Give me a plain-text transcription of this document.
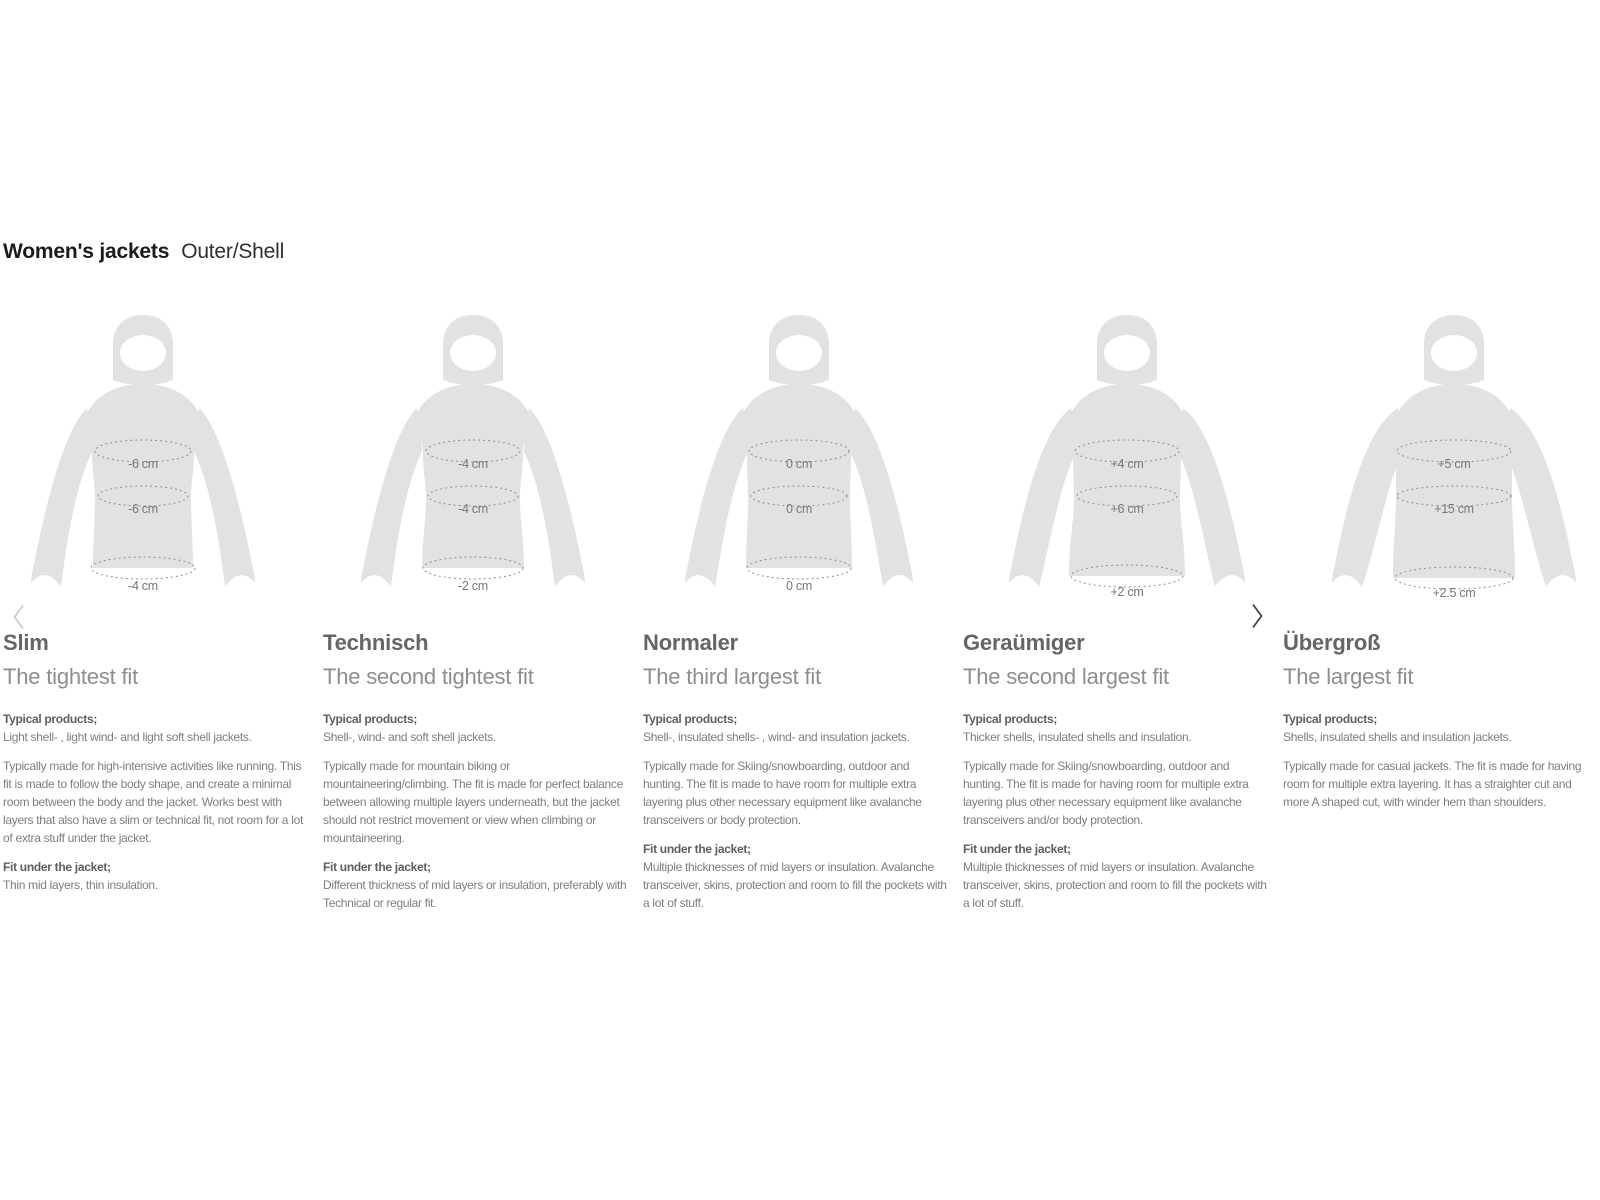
Women's jackets Outer/Shell
-6 cm
-6 cm
-4 cm
Slim
The tightest fit
Typical products;
Light shell- , light wind- and light soft shell jackets.

Typically made for high-intensive activities like running. This fit is made to follow the body shape, and create a minimal room between the body and the jacket. Works best with layers that also have a slim or technical fit, not room for a lot of extra stuff under the jacket.

Fit under the jacket;
Thin mid layers, thin insulation.
-4 cm
-4 cm
-2 cm
Technisch
The second tightest fit
Typical products;
Shell-, wind- and soft shell jackets.

Typically made for mountain biking or mountaineering/climbing. The fit is made for perfect balance between allowing multiple layers underneath, but the jacket should not restrict movement or view when climbing or mountaineering.

Fit under the jacket;
Different thickness of mid layers or insulation, preferably with Technical or regular fit.
0 cm
0 cm
0 cm
Normaler
The third largest fit
Typical products;
Shell-, insulated shells- , wind- and insulation jackets.

Typically made for Skiing/snowboarding, outdoor and hunting. The fit is made to have room for multiple extra layering plus other necessary equipment like avalanche transceivers or body protection.

Fit under the jacket;
Multiple thicknesses of mid layers or insulation. Avalanche transceiver, skins, protection and room to fill the pockets with a lot of stuff.
+4 cm
+6 cm
+2 cm
Geraümiger
The second largest fit
Typical products;
Thicker shells, insulated shells and insulation.

Typically made for Skiing/snowboarding, outdoor and hunting. The fit is made for having room for multiple extra layering plus other necessary equipment like avalanche transceivers and/or body protection.

Fit under the jacket;
Multiple thicknesses of mid layers or insulation. Avalanche transceiver, skins, protection and room to fill the pockets with a lot of stuff.
+5 cm
+15 cm
+2.5 cm
Übergroß
The largest fit
Typical products;
Shells, insulated shells and insulation jackets.

Typically made for casual jackets. The fit is made for having room for multiple extra layering. It has a straighter cut and more A shaped cut, with winder hem than shoulders.
